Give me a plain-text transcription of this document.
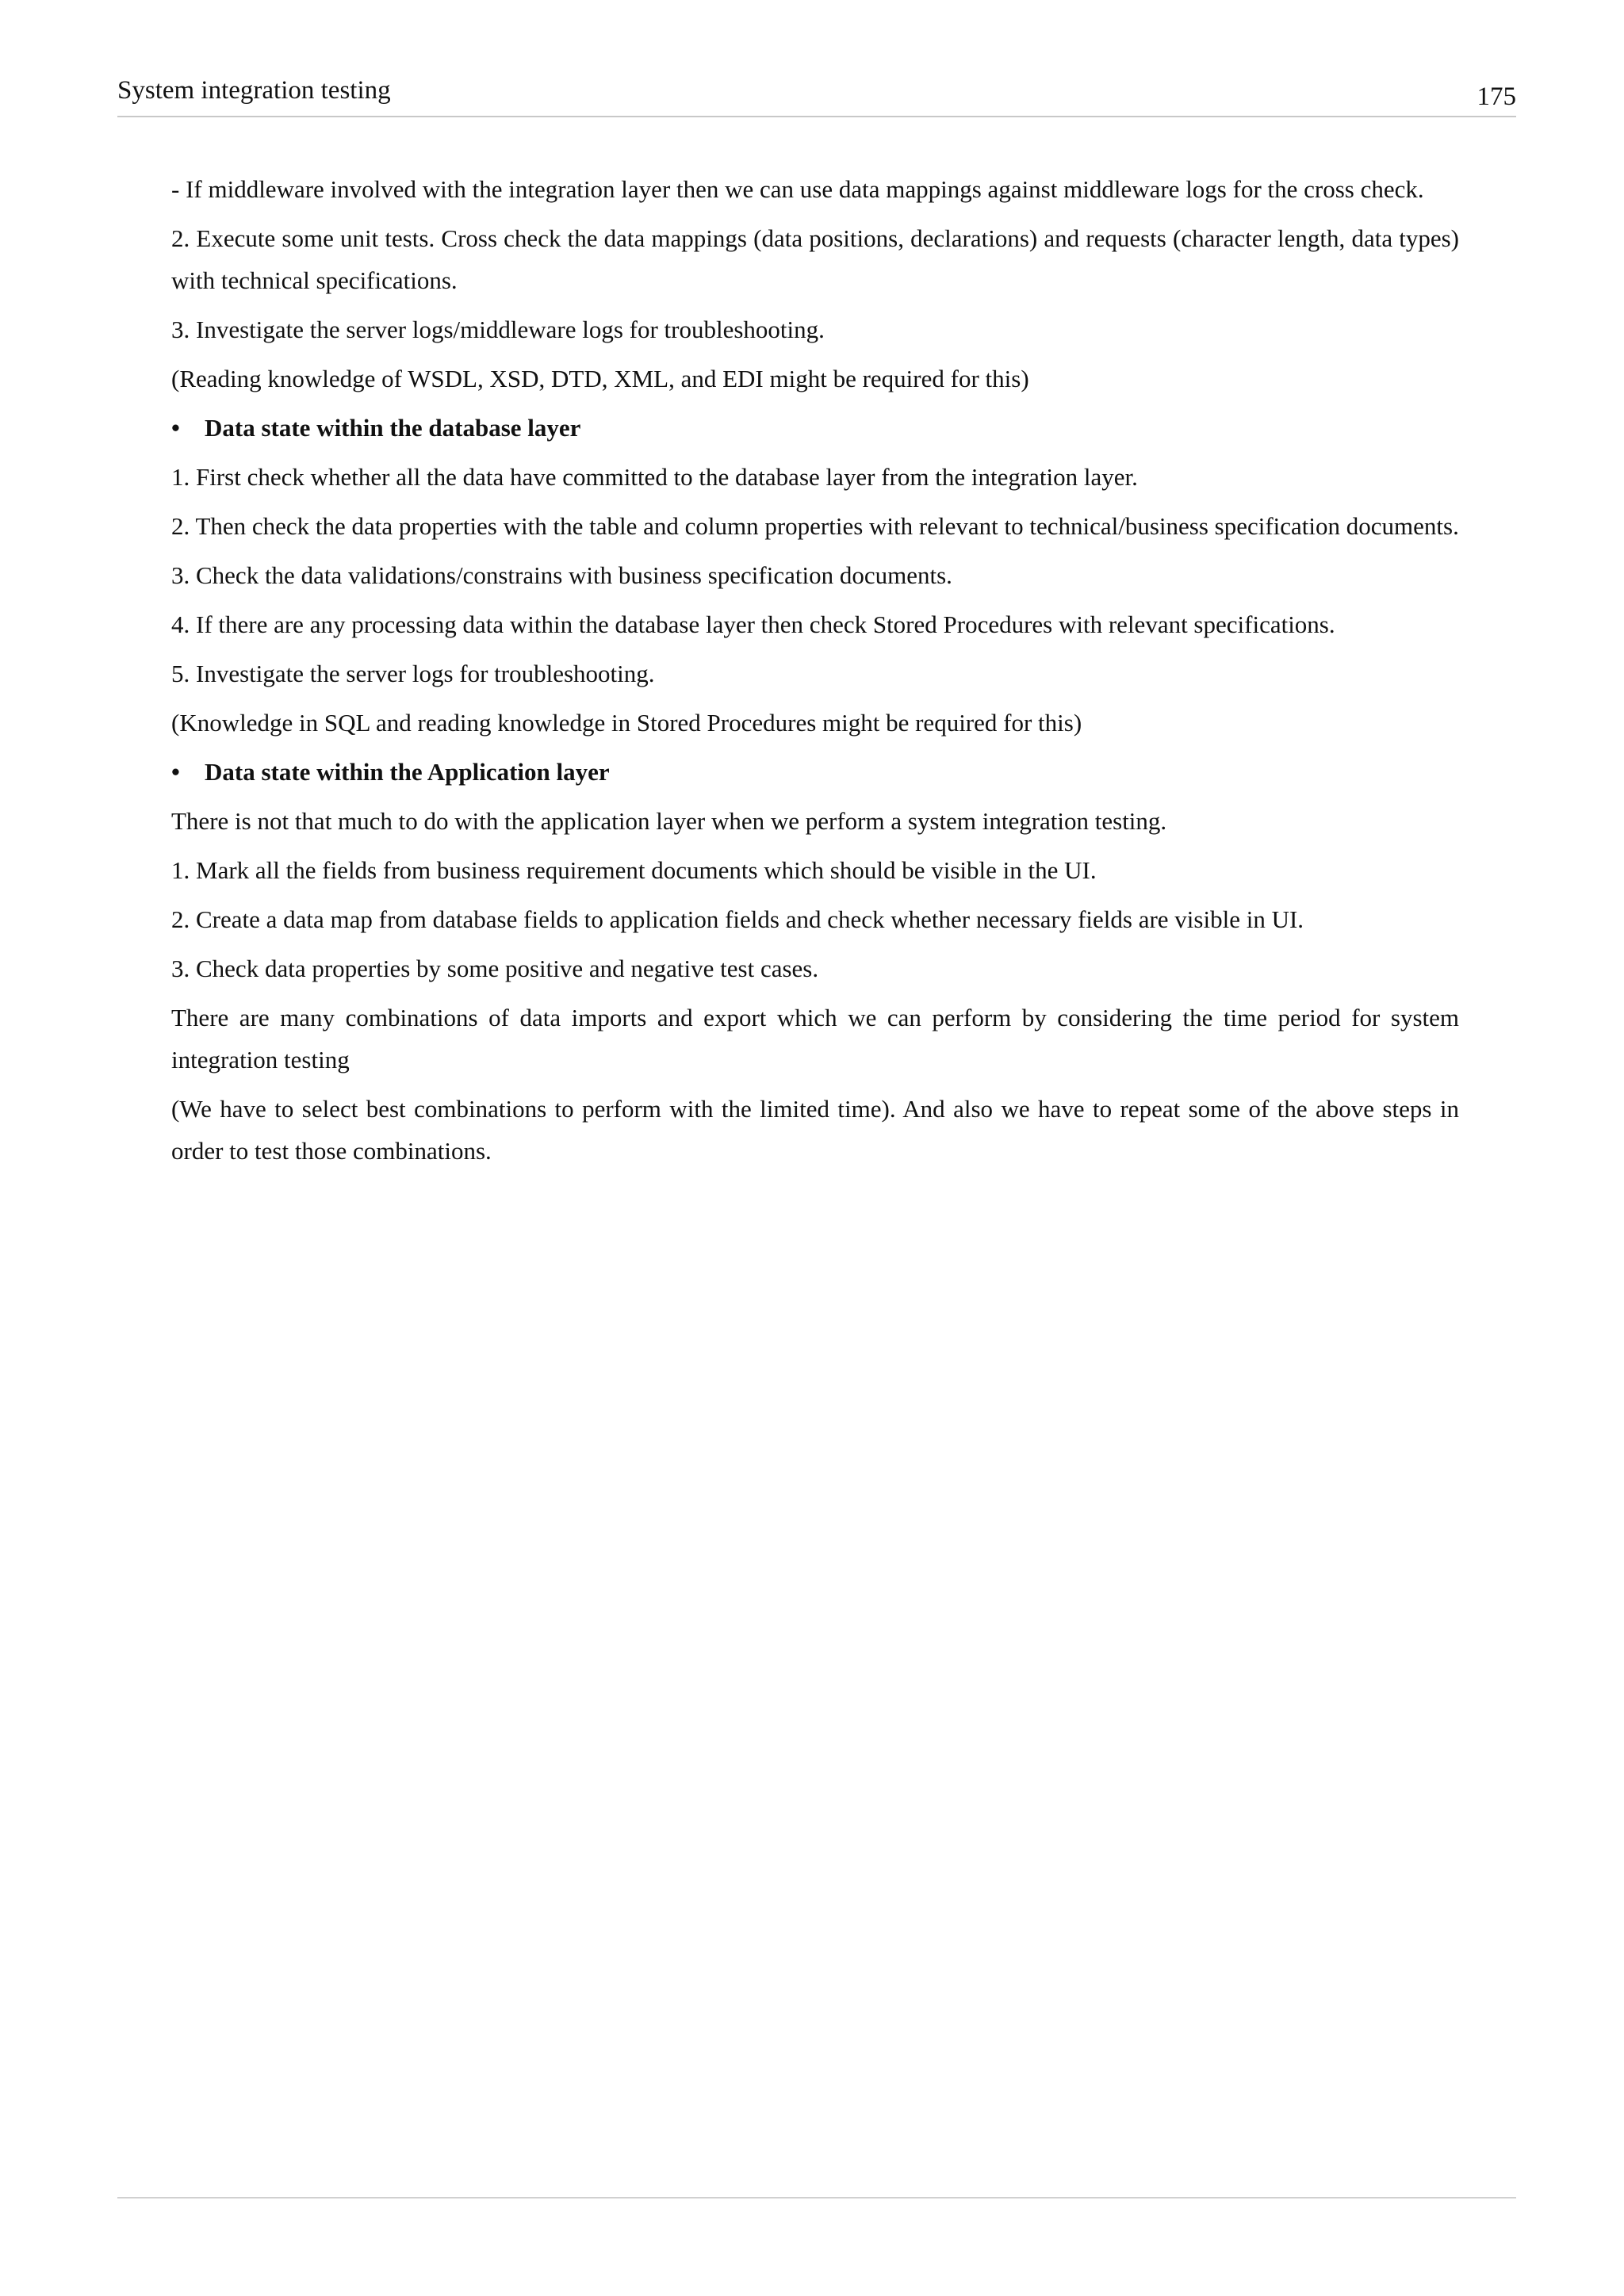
System integration testing	175

- If middleware involved with the integration layer then we can use data mappings against middleware logs for the cross check.

2. Execute some unit tests. Cross check the data mappings (data positions, declarations) and requests (character length, data types) with technical specifications.

3. Investigate the server logs/middleware logs for troubleshooting.

(Reading knowledge of WSDL, XSD, DTD, XML, and EDI might be required for this)

•	Data state within the database layer

1. First check whether all the data have committed to the database layer from the integration layer.

2. Then check the data properties with the table and column properties with relevant to technical/business specification documents.

3. Check the data validations/constrains with business specification documents.

4. If there are any processing data within the database layer then check Stored Procedures with relevant specifications.

5. Investigate the server logs for troubleshooting.

(Knowledge in SQL and reading knowledge in Stored Procedures might be required for this)

•	Data state within the Application layer

There is not that much to do with the application layer when we perform a system integration testing.

1. Mark all the fields from business requirement documents which should be visible in the UI.

2. Create a data map from database fields to application fields and check whether necessary fields are visible in UI.

3. Check data properties by some positive and negative test cases.

There are many combinations of data imports and export which we can perform by considering the time period for system integration testing

(We have to select best combinations to perform with the limited time). And also we have to repeat some of the above steps in order to test those combinations.
